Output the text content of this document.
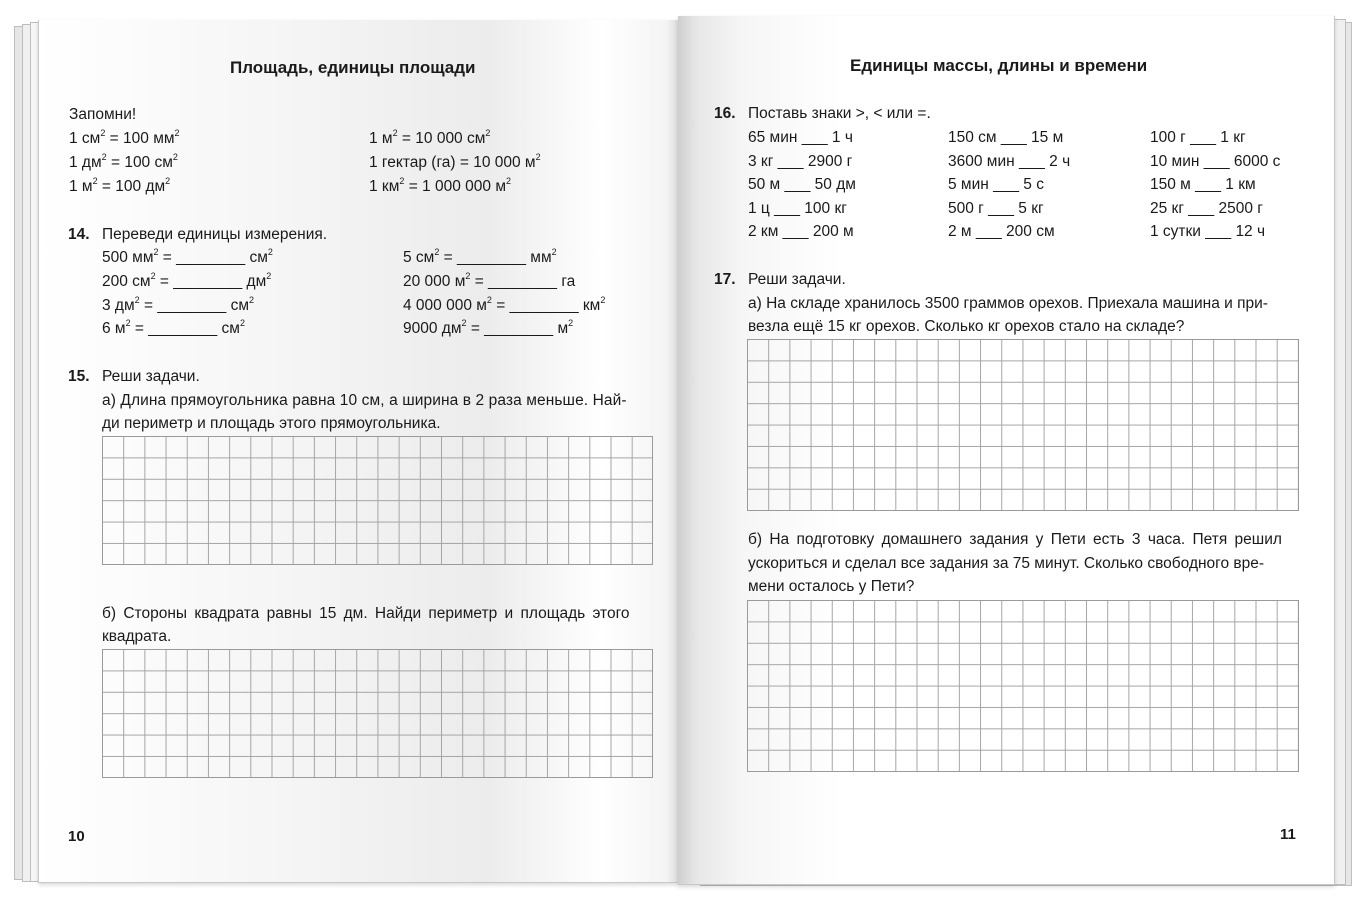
Площадь, единицы площади
Запомни!
1 $см^2 = 100$ $мм^2$
1 $дм^2 = 100$ $см^2$
1 $м^2 = 100$ $дм^2$
1 $м^2 = 10$ 000 $см^2$
1 гектар (га) = 10 000 $м^2$
1 $км^2 = 1$ 000 000 $м^2$
14. Переведи единицы измерения.
500 $мм^2$ = ________ $см^2$
200 $см^2$ = ________ $дм^2$
3 $дм^2$ = ________ $см^2$
6 $м^2$ = ________ $см^2$
5 $см^2$ = ________ $мм^2$
20 000 $м^2$ = ________ га
4 000 000 $м^2$ = ________ $км^2$
9000 $дм^2$ = ________ $м^2$
15. Реши задачи.
а) Длина прямоугольника равна 10 см, а ширина в 2 раза меньше. Най-
ди периметр и площадь этого прямоугольника.
б) Стороны квадрата равны 15 дм. Найди периметр и площадь этого
квадрата.
10
Единицы массы, длины и времени
16. Поставь знаки >, < или =.
65 мин ___ 1 ч
3 кг ___ 2900 г
50 м ___ 50 дм
1 ц ___ 100 кг
2 км ___ 200 м
150 см ___ 15 м
3600 мин ___ 2 ч
5 мин ___ 5 с
500 г ___ 5 кг
2 м ___ 200 см
100 г ___ 1 кг
10 мин ___ 6000 с
150 м ___ 1 км
25 кг ___ 2500 г
1 сутки ___ 12 ч
17. Реши задачи.
а) На складе хранилось 3500 граммов орехов. Приехала машина и при-
везла ещё 15 кг орехов. Сколько кг орехов стало на складе?
б) На подготовку домашнего задания у Пети есть 3 часа. Петя решил
ускориться и сделал все задания за 75 минут. Сколько свободного вре-
мени осталось у Пети?
11
